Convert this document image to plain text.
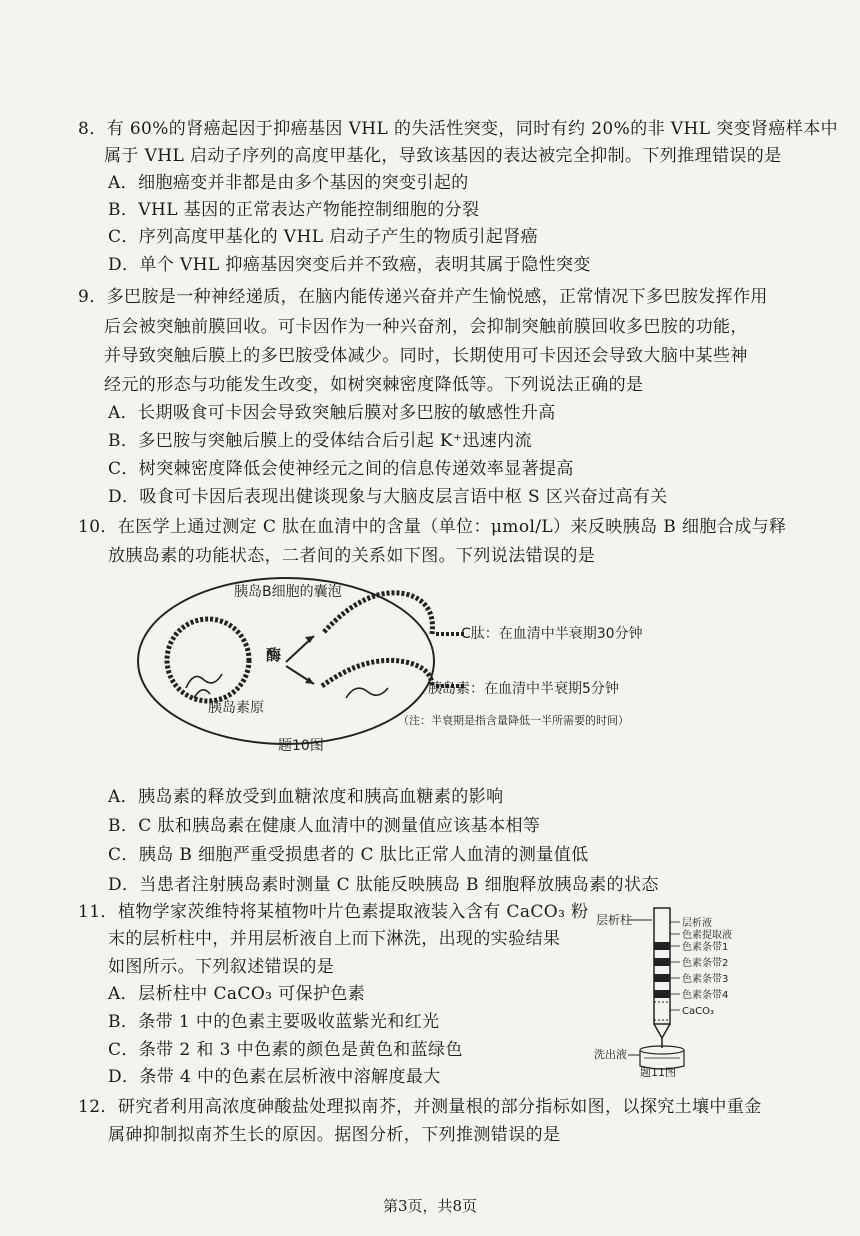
8．有 60%的肾癌起因于抑癌基因 VHL 的失活性突变，同时有约 20%的非 VHL 突变肾癌样本中
属于 VHL 启动子序列的高度甲基化，导致该基因的表达被完全抑制。下列推理错误的是
A．细胞癌变并非都是由多个基因的突变引起的
B．VHL 基因的正常表达产物能控制细胞的分裂
C．序列高度甲基化的 VHL 启动子产生的物质引起肾癌
D．单个 VHL 抑癌基因突变后并不致癌，表明其属于隐性突变
9．多巴胺是一种神经递质，在脑内能传递兴奋并产生愉悦感，正常情况下多巴胺发挥作用
后会被突触前膜回收。可卡因作为一种兴奋剂，会抑制突触前膜回收多巴胺的功能，
并导致突触后膜上的多巴胺受体减少。同时，长期使用可卡因还会导致大脑中某些神
经元的形态与功能发生改变，如树突棘密度降低等。下列说法正确的是
A．长期吸食可卡因会导致突触后膜对多巴胺的敏感性升高
B．多巴胺与突触后膜上的受体结合后引起 K⁺迅速内流
C．树突棘密度降低会使神经元之间的信息传递效率显著提高
D．吸食可卡因后表现出健谈现象与大脑皮层言语中枢 S 区兴奋过高有关
10．在医学上通过测定 C 肽在血清中的含量（单位：μmol/L）来反映胰岛 B 细胞合成与释
放胰岛素的功能状态，二者间的关系如下图。下列说法错误的是
胰岛B细胞的囊泡
胰岛素原
酶
C肽：在血清中半衰期30分钟
胰岛素：在血清中半衰期5分钟
（注：半衰期是指含量降低一半所需要的时间）
题10图
A．胰岛素的释放受到血糖浓度和胰高血糖素的影响
B．C 肽和胰岛素在健康人血清中的测量值应该基本相等
C．胰岛 B 细胞严重受损患者的 C 肽比正常人血清的测量值低
D．当患者注射胰岛素时测量 C 肽能反映胰岛 B 细胞释放胰岛素的状态
11．植物学家茨维特将某植物叶片色素提取液装入含有 CaCO₃ 粉
末的层析柱中，并用层析液自上而下淋洗，出现的实验结果
如图所示。下列叙述错误的是
A．层析柱中 CaCO₃ 可保护色素
B．条带 1 中的色素主要吸收蓝紫光和红光
C．条带 2 和 3 中色素的颜色是黄色和蓝绿色
D．条带 4 中的色素在层析液中溶解度最大
层析柱	层析液
色素提取液
色素条带1
色素条带2
色素条带3
色素条带4
CaCO₃
洗出液
题11图
12．研究者利用高浓度砷酸盐处理拟南芥，并测量根的部分指标如图，以探究土壤中重金
属砷抑制拟南芥生长的原因。据图分析，下列推测错误的是
第3页，共8页
